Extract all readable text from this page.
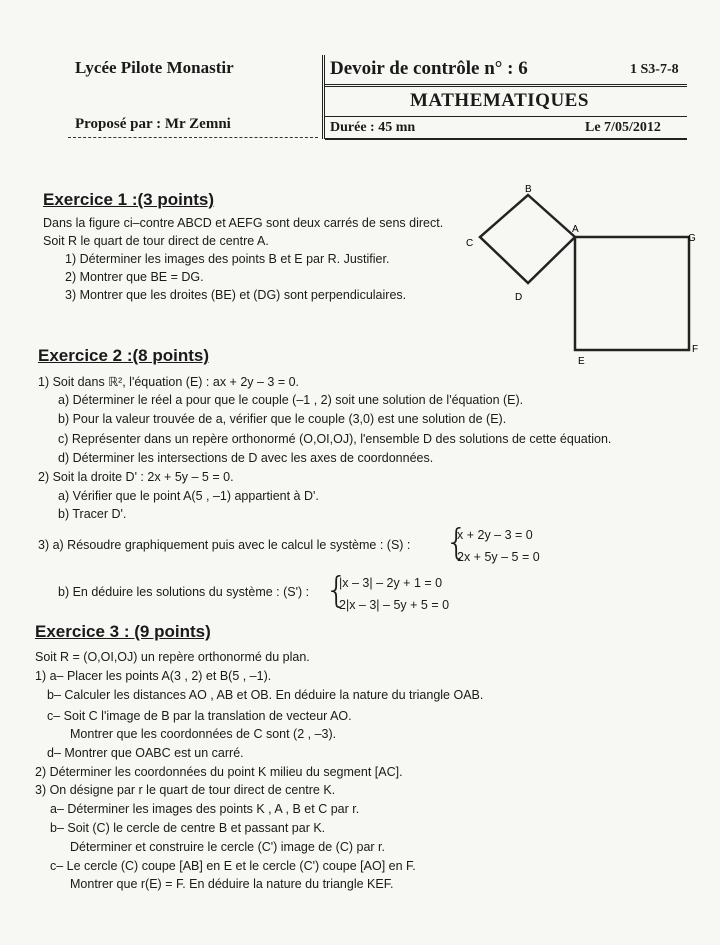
Lycée Pilote Monastir
Proposé par : Mr Zemni
Devoir de contrôle n° : 6	1 S3-7-8
MATHEMATIQUES
Durée : 45 mn	Le 7/05/2012
Exercice 1 :(3 points)
Dans la figure ci–contre ABCD et AEFG sont deux carrés de sens direct.
Soit R le quart de tour direct de centre A.
1) Déterminer les images des points B et E par R. Justifier.
2) Montrer que BE = DG.
3) Montrer que les droites (BE) et (DG) sont perpendiculaires.
B
A
G
C
D
E
F
Exercice 2 :(8 points)
1) Soit dans ℝ², l'équation (E) : ax + 2y – 3 = 0.
a) Déterminer le réel a pour que le couple (–1 , 2) soit une solution de l'équation (E).
b) Pour la valeur trouvée de a, vérifier que le couple (3,0) est une solution de (E).
c) Représenter dans un repère orthonormé (O,OI,OJ), l'ensemble D des solutions de cette équation.
d) Déterminer les intersections de D avec les axes de coordonnées.
2) Soit la droite D' : 2x + 5y – 5 = 0.
a) Vérifier que le point A(5 , –1) appartient à D'.
b) Tracer D'.
3) a) Résoudre graphiquement puis avec le calcul le système : (S) : {
x + 2y – 3 = 0
2x + 5y – 5 = 0
b) En déduire les solutions du système : (S') : {
|x – 3| – 2y + 1 = 0
2|x – 3| – 5y + 5 = 0
Exercice 3 : (9 points)
Soit R = (O,OI,OJ) un repère orthonormé du plan.
1) a– Placer les points A(3 , 2) et B(5 , –1).
b– Calculer les distances AO , AB et OB. En déduire la nature du triangle OAB.
c– Soit C l'image de B par la translation de vecteur AO.
Montrer que les coordonnées de C sont (2 , –3).
d– Montrer que OABC est un carré.
2) Déterminer les coordonnées du point K milieu du segment [AC].
3) On désigne par r le quart de tour direct de centre K.
a– Déterminer les images des points K , A , B et C par r.
b– Soit (C) le cercle de centre B et passant par K.
Déterminer et construire le cercle (C') image de (C) par r.
c– Le cercle (C) coupe [AB] en E et le cercle (C') coupe [AO] en F.
Montrer que r(E) = F. En déduire la nature du triangle KEF.
